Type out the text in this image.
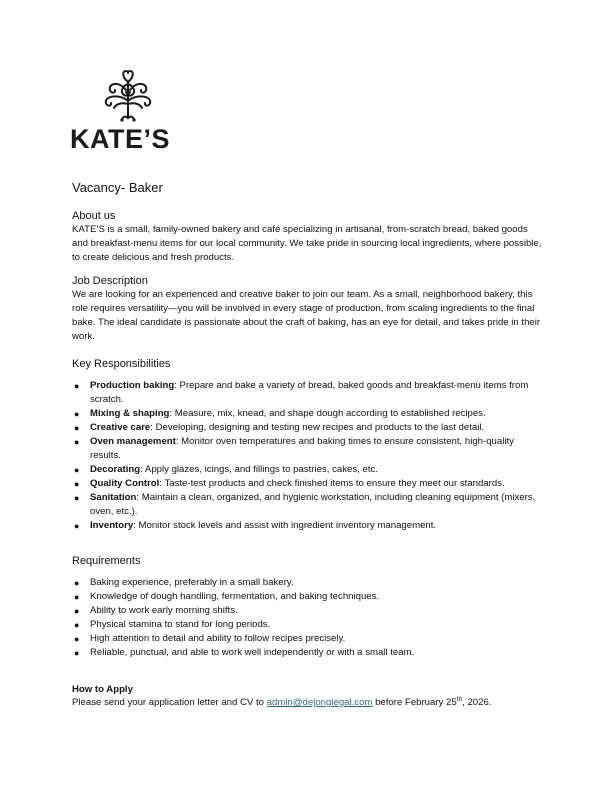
KATE’S
Vacancy- Baker
About us

KATE’S is a small, family-owned bakery and café specializing in artisanal, from-scratch bread, baked goods and breakfast-menu items for our local community. We take pride in sourcing local ingredients, where possible, to create delicious and fresh products.

Job Description

We are looking for an experienced and creative baker to join our team. As a small, neighborhood bakery, this role requires versatility—you will be involved in every stage of production, from scaling ingredients to the final bake. The ideal candidate is passionate about the craft of baking, has an eye for detail, and takes pride in their work.

Key Responsibilities
● Production baking: Prepare and bake a variety of bread, baked goods and breakfast-menu items from scratch.
● Mixing & shaping: Measure, mix, knead, and shape dough according to established recipes.
● Creative care: Developing, designing and testing new recipes and products to the last detail.
● Oven management: Monitor oven temperatures and baking times to ensure consistent, high-quality results.
● Decorating: Apply glazes, icings, and fillings to pastries, cakes, etc.
● Quality Control: Taste-test products and check finished items to ensure they meet our standards.
● Sanitation: Maintain a clean, organized, and hygienic workstation, including cleaning equipment (mixers, oven, etc.).
● Inventory: Monitor stock levels and assist with ingredient inventory management.
Requirements
● Baking experience, preferably in a small bakery.
● Knowledge of dough handling, fermentation, and baking techniques.
● Ability to work early morning shifts.
● Physical stamina to stand for long periods.
● High attention to detail and ability to follow recipes precisely.
● Reliable, punctual, and able to work well independently or with a small team.
How to Apply

Please send your application letter and CV to admin@dejonglegal.com before February 25th, 2026.
